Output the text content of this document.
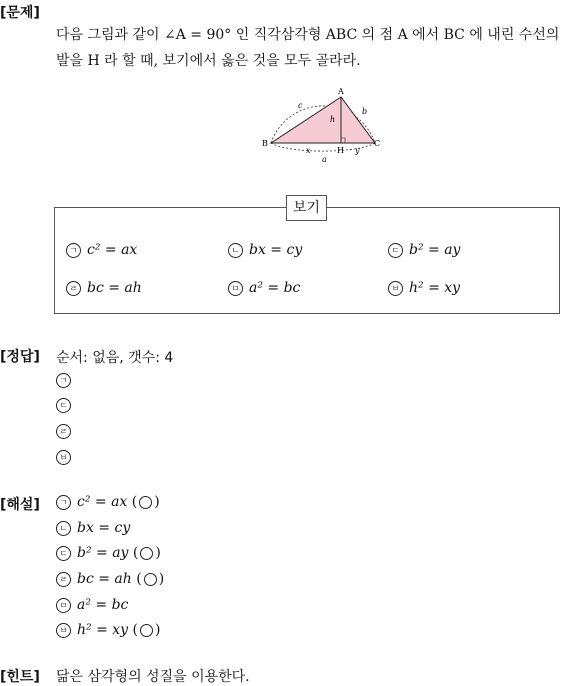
[문제]
다음 그림과 같이 ∠A = 90° 인 직각삼각형 ABC 의 점 A 에서 BC 에 내린 수선의
발을 H 라 할 때, 보기에서 옳은 것을 모두 골라라.
A
B	C
H
h
b
c
x	y
a
보기
ㄱ c² = ax	ㄴ bx = cy	ㄷ b² = ay
ㄹ bc = ah	ㅁ a² = bc	ㅂ h² = xy
[정답] 순서: 없음, 갯수: 4
ㄱ
ㄷ
ㄹ
ㅂ
[해설]	ㄱ c² = ax ( )
ㄴ bx = cy
ㄷ b² = ay ( )
ㄹ bc = ah ( )
ㅁ a² = bc
ㅂ h² = xy ( )
[힌트] 닮은 삼각형의 성질을 이용한다.
